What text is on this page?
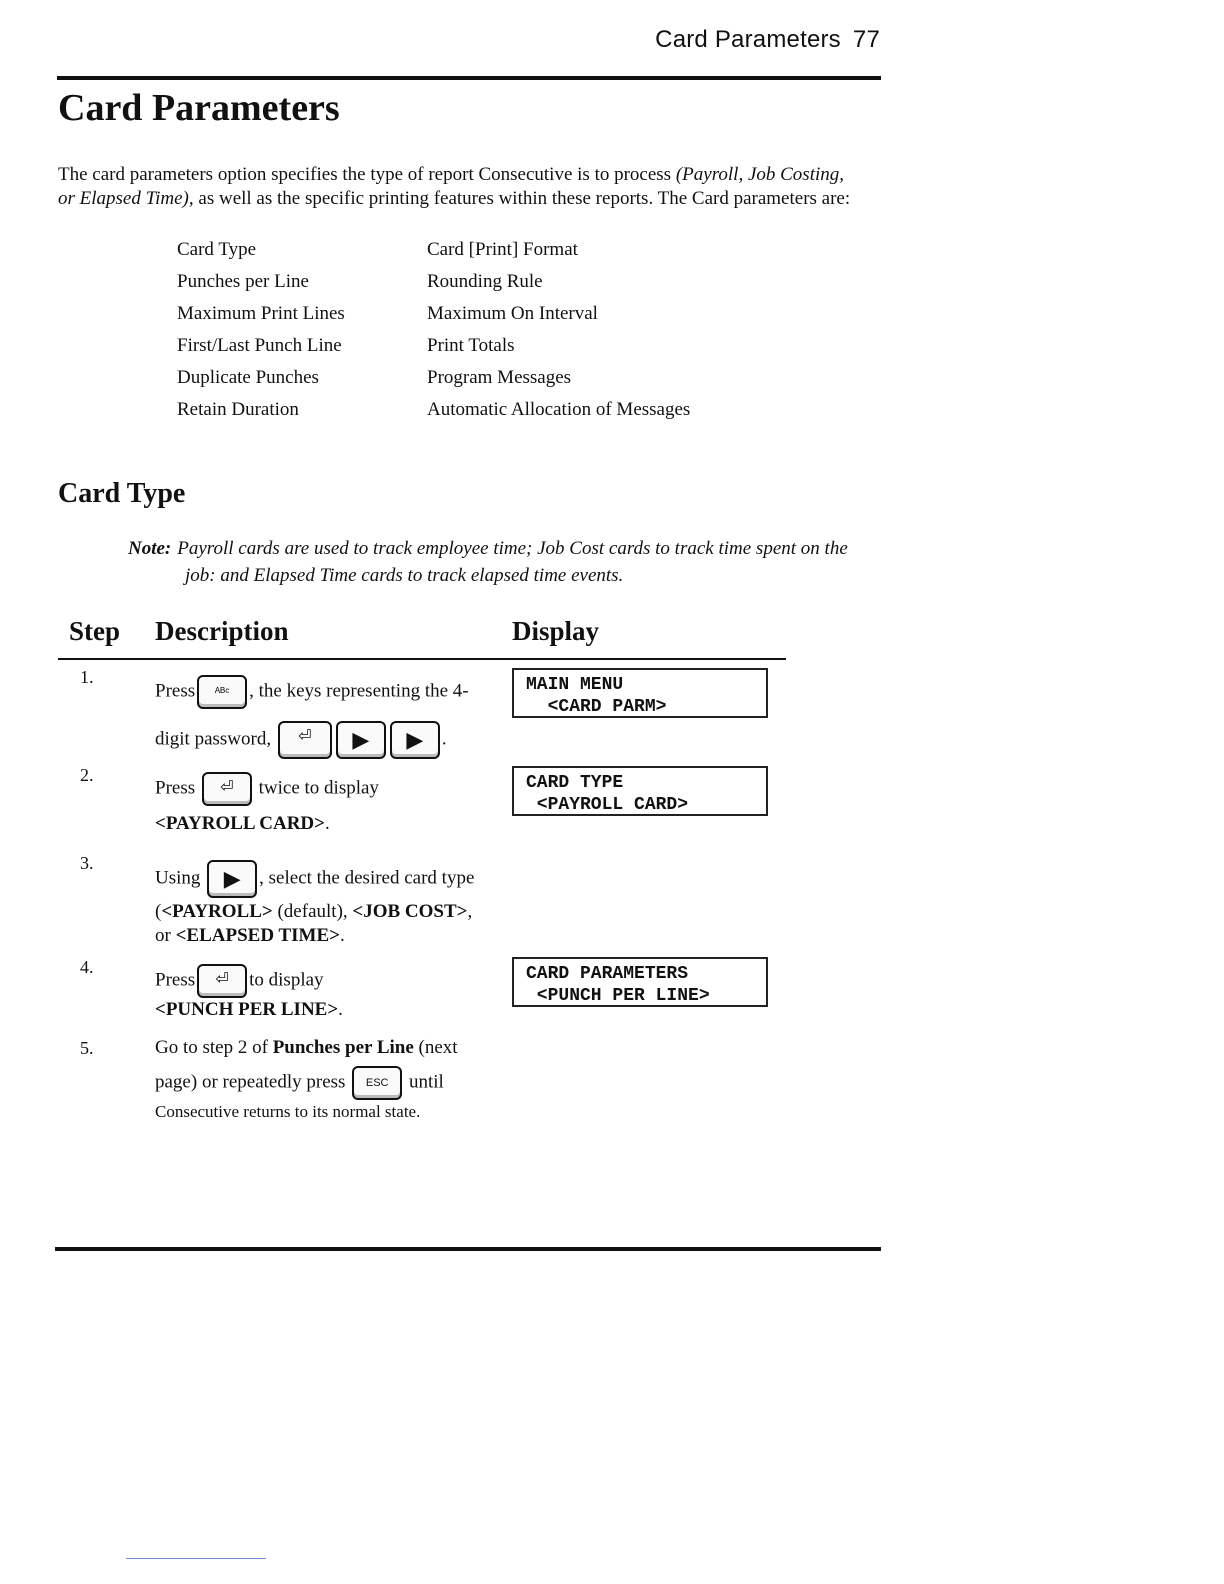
Card Parameters 77
Card Parameters

The card parameters option specifies the type of report Consecutive is to process (Payroll, Job Costing,
or Elapsed Time), as well as the specific printing features within these reports. The Card parameters are:

Card Type
Punches per Line
Maximum Print Lines
First/Last Punch Line
Duplicate Punches
Retain Duration
Card [Print] Format
Rounding Rule
Maximum On Interval
Print Totals
Program Messages
Automatic Allocation of Messages
Card Type
Note: Payroll cards are used to track employee time; Job Cost cards to track time spent on the
job: and Elapsed Time cards to track elapsed time events.
Step Description	Display
1.
Press ᴬᴮᶜ , the keys representing the 4-
digit password, ⏎ ▶ ▶ .
MAIN MENU
<CARD PARM>
2.
Press ⏎ twice to display
<PAYROLL CARD>.
CARD TYPE
<PAYROLL CARD>
3.
Using ▶ , select the desired card type
(<PAYROLL> (default), <JOB COST>,
or <ELAPSED TIME>.
4.
Press ⏎ to display
<PUNCH PER LINE>.
CARD PARAMETERS
<PUNCH PER LINE>
5.	Go to step 2 of Punches per Line (next
page) or repeatedly press ESC until
Consecutive returns to its normal state.
